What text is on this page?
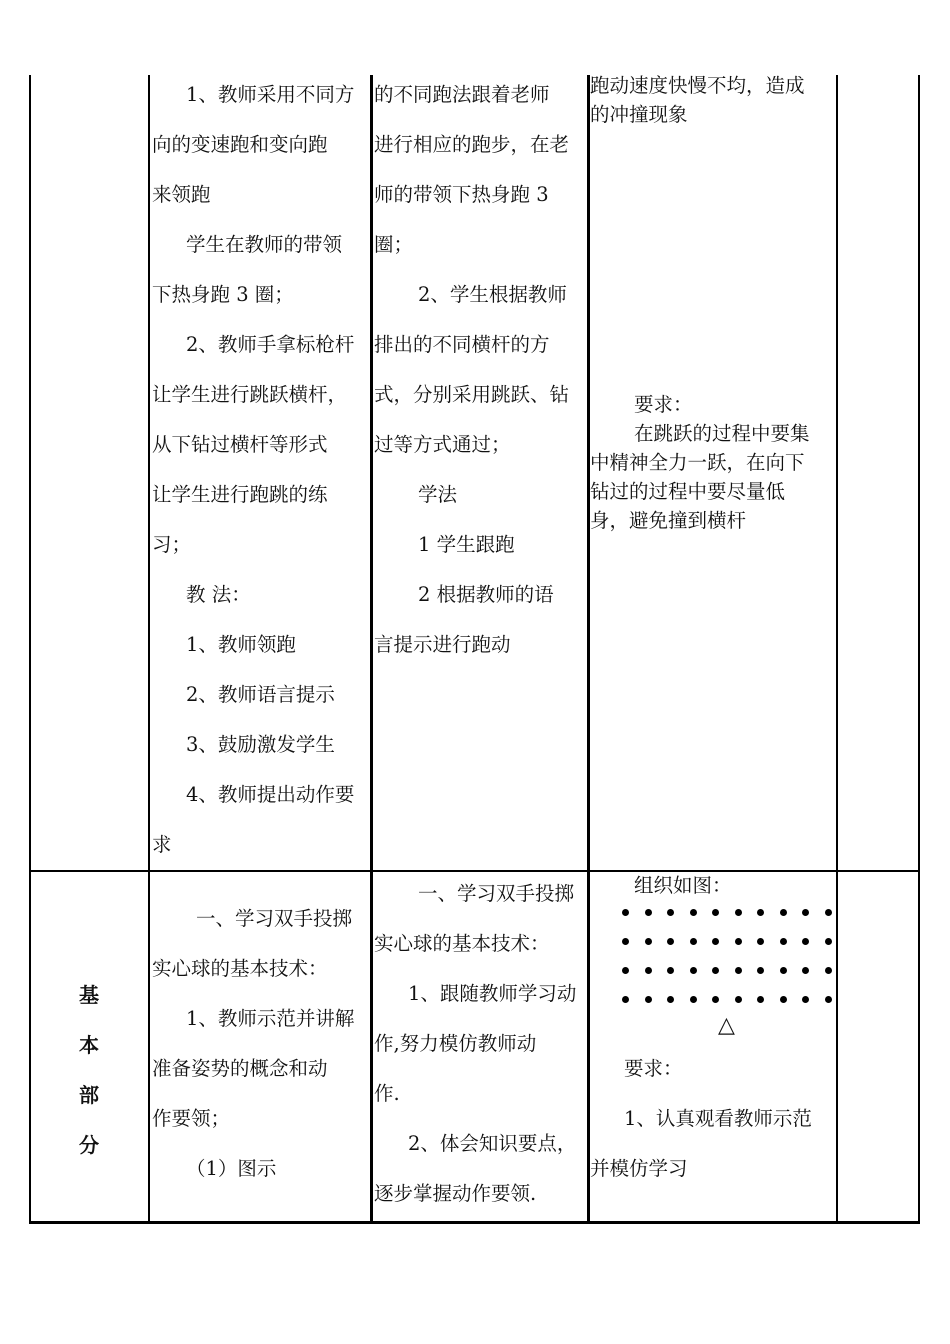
1、教师采用不同方

向的变速跑和变向跑

来领跑

学生在教师的带领

下热身跑 3 圈；

2、教师手拿标枪杆

让学生进行跳跃横杆，

从下钻过横杆等形式

让学生进行跑跳的练

习；

教 法：

1、教师领跑

2、教师语言提示

3、鼓励激发学生

4、教师提出动作要

求

的不同跑法跟着老师

进行相应的跑步，在老

师的带领下热身跑 3

圈；

2、学生根据教师

排出的不同横杆的方

式，分别采用跳跃、钻

过等方式通过；

学法

1 学生跟跑

2 根据教师的语

言提示进行跑动

跑动速度快慢不均，造成

的冲撞现象

要求：

在跳跃的过程中要集

中精神全力一跃，在向下

钻过的过程中要尽量低

身，避免撞到横杆

基
本
部
分

一、学习双手投掷

实心球的基本技术：

1、教师示范并讲解

准备姿势的概念和动

作要领；

（1）图示

一、学习双手投掷

实心球的基本技术：

1、跟随教师学习动

作,努力模仿教师动

作.

2、体会知识要点，

逐步掌握动作要领.

组织如图：

△

要求：

1、认真观看教师示范

并模仿学习
